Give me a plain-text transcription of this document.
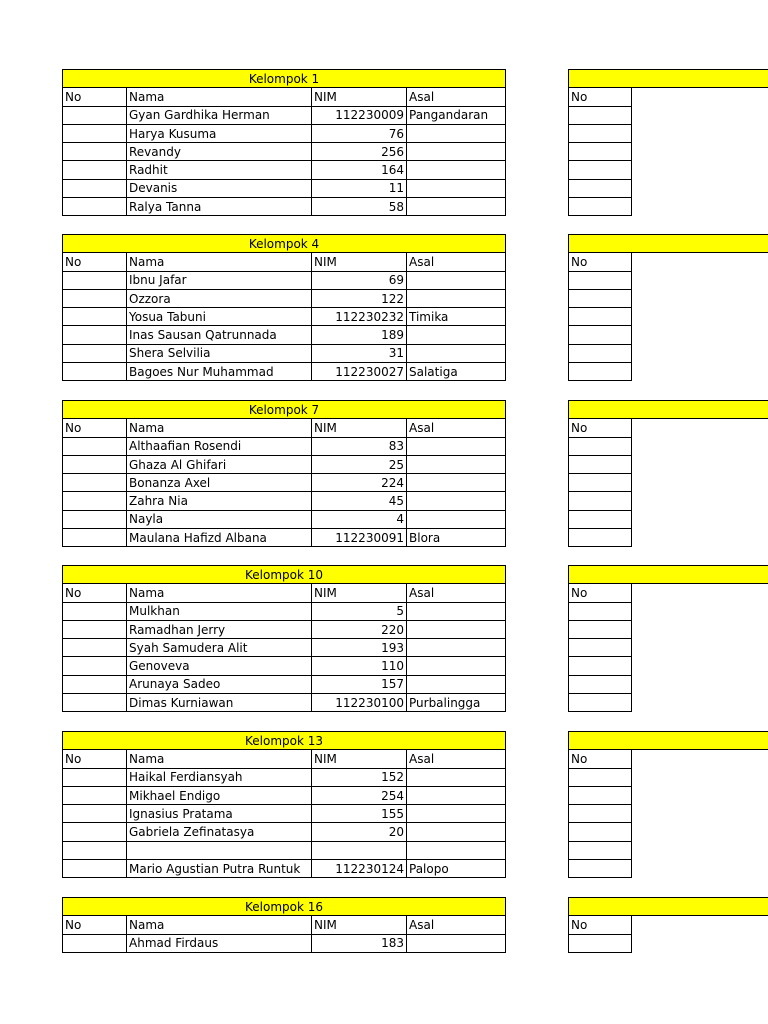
Kelompok 1			
No	Nama	NIM	Asal
	Gyan Gardhika Herman	112230009	Pangandaran
	Harya Kusuma	76	
	Revandy	256	
	Radhit	164	
	Devanis	11	
	Ralya Tanna	58	
No

Kelompok 4			
No	Nama	NIM	Asal
	Ibnu Jafar	69	
	Ozzora	122	
	Yosua Tabuni	112230232	Timika
	Inas Sausan Qatrunnada	189	
	Shera Selvilia	31	
	Bagoes Nur Muhammad	112230027	Salatiga
No

Kelompok 7			
No	Nama	NIM	Asal
	Althaafian Rosendi	83	
	Ghaza Al Ghifari	25	
	Bonanza Axel	224	
	Zahra Nia	45	
	Nayla	4	
	Maulana Hafizd Albana	112230091	Blora
No

Kelompok 10			
No	Nama	NIM	Asal
	Mulkhan	5	
	Ramadhan Jerry	220	
	Syah Samudera Alit	193	
	Genoveva	110	
	Arunaya Sadeo	157	
	Dimas Kurniawan	112230100	Purbalingga
No

Kelompok 13			
No	Nama	NIM	Asal
	Haikal Ferdiansyah	152	
	Mikhael Endigo	254	
	Ignasius Pratama	155	
	Gabriela Zefinatasya	20	

	Mario Agustian Putra Runtuk	112230124	Palopo
No

Kelompok 16			
No	Nama	NIM	Asal
	Ahmad Firdaus	183	
No
